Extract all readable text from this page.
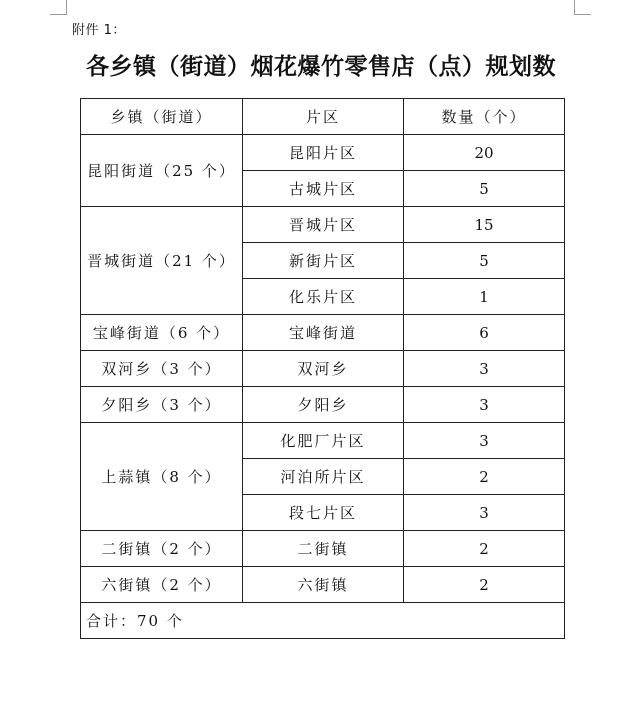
附件 1：
各乡镇（街道）烟花爆竹零售店（点）规划数
乡镇（街道）	片区	数量（个）
昆阳街道（25 个）	昆阳片区	20
	古城片区	5
晋城街道（21 个）	晋城片区	15
	新街片区	5
	化乐片区	1
宝峰街道（6 个）	宝峰街道	6
双河乡（3 个）	双河乡	3
夕阳乡（3 个）	夕阳乡	3
上蒜镇（8 个）	化肥厂片区	3
	河泊所片区	2
	段七片区	3
二街镇（2 个）	二街镇	2
六街镇（2 个）	六街镇	2
合计：70 个		
